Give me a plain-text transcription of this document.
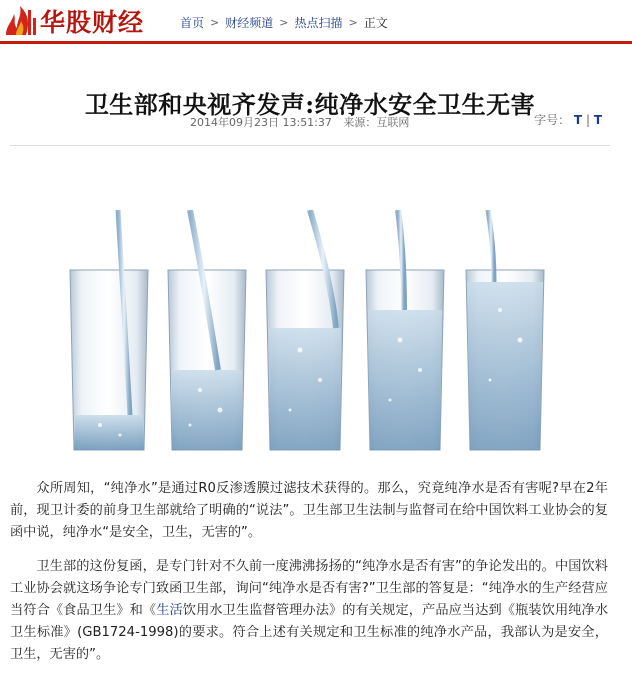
华股财经	首页 > 财经频道 > 热点扫描 > 正文
卫生部和央视齐发声:纯净水安全卫生无害
2014年09月23日 13:51:37 来源：互联网	字号： T | T

众所周知，“纯净水”是通过R0反渗透膜过滤技术获得的。那么，究竟纯净水是否有害呢?早在2年前，现卫计委的前身卫生部就给了明确的“说法”。卫生部卫生法制与监督司在给中国饮料工业协会的复函中说，纯净水“是安全，卫生，无害的”。

卫生部的这份复函，是专门针对不久前一度沸沸扬扬的“纯净水是否有害”的争论发出的。中国饮料工业协会就这场争论专门致函卫生部，询问“纯净水是否有害?”卫生部的答复是：“纯净水的生产经营应当符合《食品卫生》和《生活饮用水卫生监督管理办法》的有关规定，产品应当达到《瓶装饮用纯净水卫生标准》(GB1724-1998)的要求。符合上述有关规定和卫生标准的纯净水产品，我部认为是安全，卫生，无害的”。
